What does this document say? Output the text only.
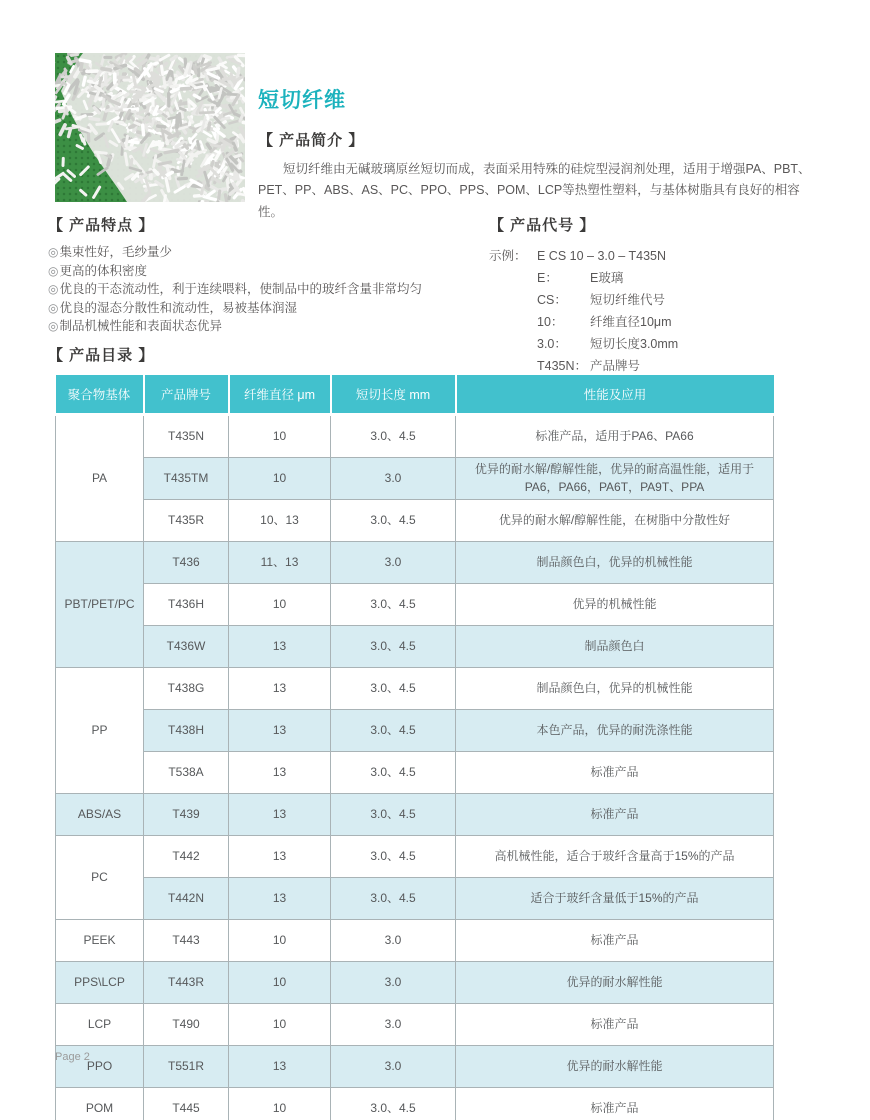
短切纤维
【 产品简介 】

短切纤维由无碱玻璃原丝短切而成，表面采用特殊的硅烷型浸润剂处理，适用于增强PA、PBT、PET、PP、ABS、AS、PC、PPO、PPS、POM、LCP等热塑性塑料，与基体树脂具有良好的相容性。

【 产品特点 】
◎ 集束性好，毛纱量少
◎ 更高的体积密度
◎ 优良的干态流动性，利于连续喂料，使制品中的玻纤含量非常均匀
◎ 优良的湿态分散性和流动性，易被基体润湿
◎ 制品机械性能和表面状态优异
【 产品代号 】
示例： E CS 10 – 3.0 – T435N
E：	E玻璃
CS：	短切纤维代号
10：	纤维直径10μm
3.0：	短切长度3.0mm
T435N： 产品牌号
【 产品目录 】
聚合物基体	产品牌号	纤维直径 μm	短切长度 mm	性能及应用
PA	T435N	10	3.0、4.5	标准产品，适用于PA6、PA66
	T435TM	10	3.0	优异的耐水解/醇解性能，优异的耐高温性能，适用于PA6，PA66，PA6T，PA9T、PPA
	T435R	10、13	3.0、4.5	优异的耐水解/醇解性能，在树脂中分散性好
PBT/PET/PC	T436	11、13	3.0	制品颜色白，优异的机械性能
	T436H	10	3.0、4.5	优异的机械性能
	T436W	13	3.0、4.5	制品颜色白
PP	T438G	13	3.0、4.5	制品颜色白，优异的机械性能
	T438H	13	3.0、4.5	本色产品，优异的耐洗涤性能
	T538A	13	3.0、4.5	标准产品
ABS/AS	T439	13	3.0、4.5	标准产品
PC	T442	13	3.0、4.5	高机械性能，适合于玻纤含量高于15%的产品
	T442N	13	3.0、4.5	适合于玻纤含量低于15%的产品
PEEK	T443	10	3.0	标准产品
PPS\LCP	T443R	10	3.0	优异的耐水解性能
LCP	T490	10	3.0	标准产品
PPO	T551R	13	3.0	优异的耐水解性能
POM	T445	10	3.0、4.5	标准产品
Page 2
